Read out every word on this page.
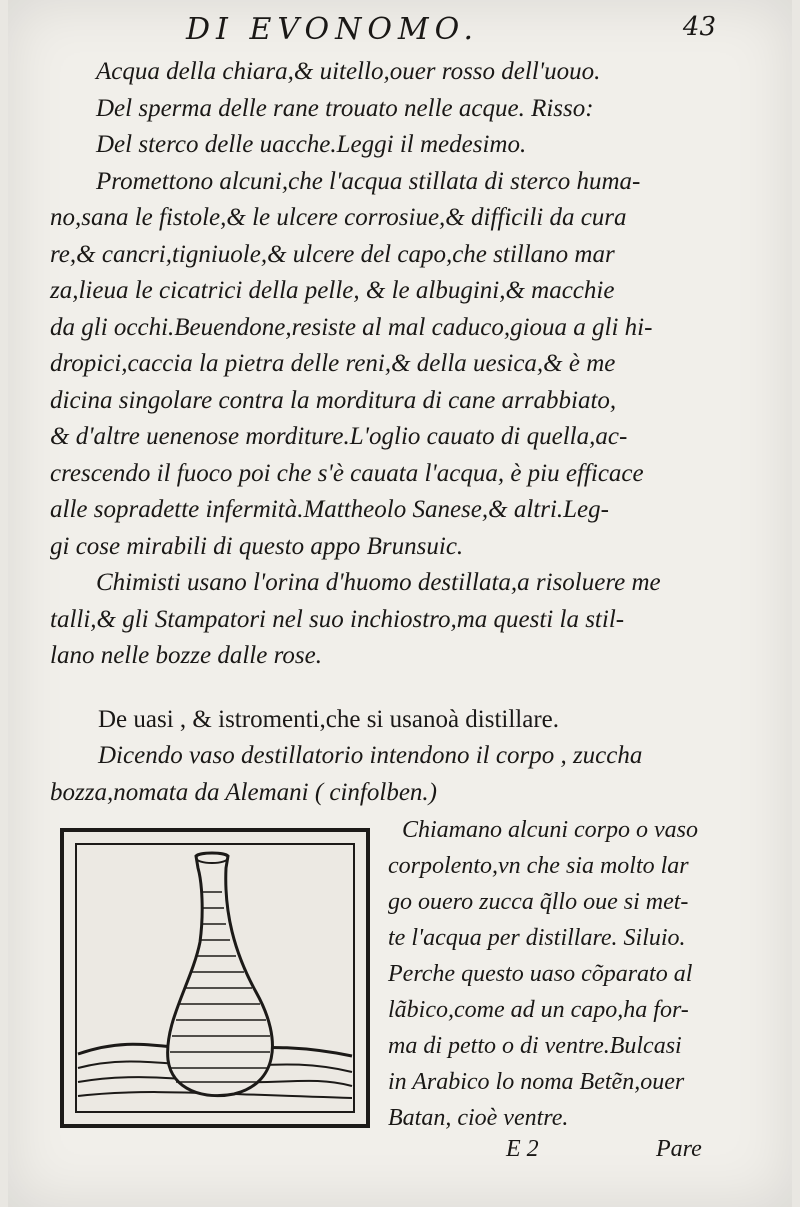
DI EVONOMO.	43
Acqua della chiara,& uitello,ouer rosso dell'uouo.
Del sperma delle rane trouato nelle acque. Risso:
Del sterco delle uacche.Leggi il medesimo.
Promettono alcuni,che l'acqua stillata di sterco huma-
no,sana le fistole,& le ulcere corrosiue,& difficili da cura
re,& cancri,tigniuole,& ulcere del capo,che stillano mar
za,lieua le cicatrici della pelle, & le albugini,& macchie
da gli occhi.Beuendone,resiste al mal caduco,gioua a gli hi-
dropici,caccia la pietra delle reni,& della uesica,& è me
dicina singolare contra la morditura di cane arrabbiato,
& d'altre uenenose morditure.L'oglio cauato di quella,ac-
crescendo il fuoco poi che s'è cauata l'acqua, è piu efficace
alle sopradette infermità.Mattheolo Sanese,& altri.Leg-
gi cose mirabili di questo appo Brunsuic.
Chimisti usano l'orina d'huomo destillata,a risoluere me
talli,& gli Stampatori nel suo inchiostro,ma questi la stil-
lano nelle bozze dalle rose.
De uasi , & istromenti,che si usanoà distillare.
Dicendo vaso destillatorio intendono il corpo , zuccha
bozza,nomata da Alemani ( cinfolben.)
Chiamano alcuni corpo o vaso
corpolento,vn che sia molto lar
go ouero zucca q̃llo oue si met-
te l'acqua per distillare. Siluio.
Perche questo uaso cõparato al
lãbico,come ad un capo,ha for-
ma di petto o di ventre.Bulcasi
in Arabico lo noma Betẽn,ouer
Batan, cioè ventre.
E 2	Pare
